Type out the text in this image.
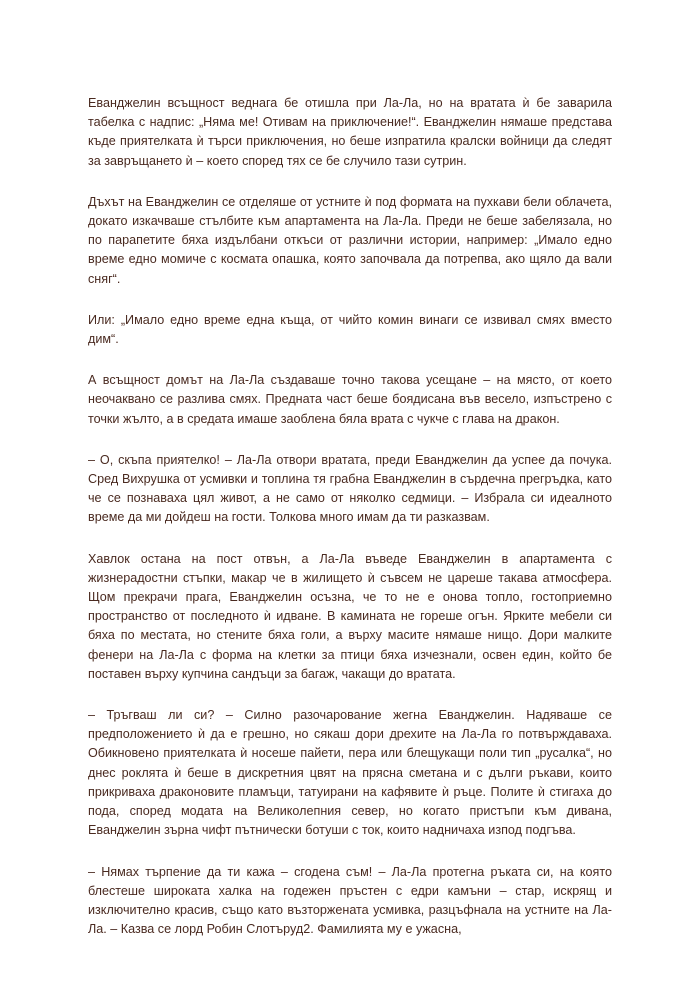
Еванджелин всъщност веднага бе отишла при Ла-Ла, но на вратата ѝ бе заварила табелка с надпис: „Няма ме! Отивам на приключение!“. Еванджелин нямаше представа къде приятелката ѝ търси приключения, но беше изпратила кралски войници да следят за завръщането ѝ – което според тях се бе случило тази сутрин.

Дъхът на Еванджелин се отделяше от устните ѝ под формата на пухкави бели облачета, докато изкачваше стълбите към апартамента на Ла-Ла. Преди не беше забелязала, но по парапетите бяха издълбани откъси от различни истории, например: „Имало едно време едно момиче с космата опашка, която започвала да потрепва, ако щяло да вали сняг“.

Или: „Имало едно време една къща, от чийто комин винаги се извивал смях вместо дим“.

А всъщност домът на Ла-Ла създаваше точно такова усещане – на място, от което неочаквано се разлива смях. Предната част беше боядисана във весело, изпъстрено с точки жълто, а в средата имаше заоблена бяла врата с чукче с глава на дракон.

– О, скъпа приятелко! – Ла-Ла отвори вратата, преди Еванджелин да успее да почука. Сред Вихрушка от усмивки и топлина тя грабна Еванджелин в сърдечна прегръдка, като че се познаваха цял живот, а не само от няколко седмици. – Избрала си идеалното време да ми дойдеш на гости. Толкова много имам да ти разказвам.

Хавлок остана на пост отвън, а Ла-Ла въведе Еванджелин в апартамента с жизнерадостни стъпки, макар че в жилището ѝ съвсем не цареше такава атмосфера. Щом прекрачи прага, Еванджелин осъзна, че то не е онова топло, гостоприемно пространство от последното ѝ идване. В камината не гореше огън. Ярките мебели си бяха по местата, но стените бяха голи, а върху масите нямаше нищо. Дори малките фенери на Ла-Ла с форма на клетки за птици бяха изчезнали, освен един, който бе поставен върху купчина сандъци за багаж, чакащи до вратата.

– Тръгваш ли си? – Силно разочарование жегна Еванджелин. Надяваше се предположението ѝ да е грешно, но сякаш дори дрехите на Ла-Ла го потвърждаваха. Обикновено приятелката ѝ носеше пайети, пера или блещукащи поли тип „русалка“, но днес роклята ѝ беше в дискретния цвят на прясна сметана и с дълги ръкави, които прикриваха драконовите пламъци, татуирани на кафявите ѝ ръце. Полите ѝ стигаха до пода, според модата на Великолепния север, но когато пристъпи към дивана, Еванджелин зърна чифт пътнически ботуши с ток, които надничаха изпод подгъва.

– Нямах търпение да ти кажа – сгодена съм! – Ла-Ла протегна ръката си, на която блестеше широката халка на годежен пръстен с едри камъни – стар, искрящ и изключително красив, също като възторжената усмивка, разцъфнала на устните на Ла-Ла. – Казва се лорд Робин Слотъруд2. Фамилията му е ужасна,
